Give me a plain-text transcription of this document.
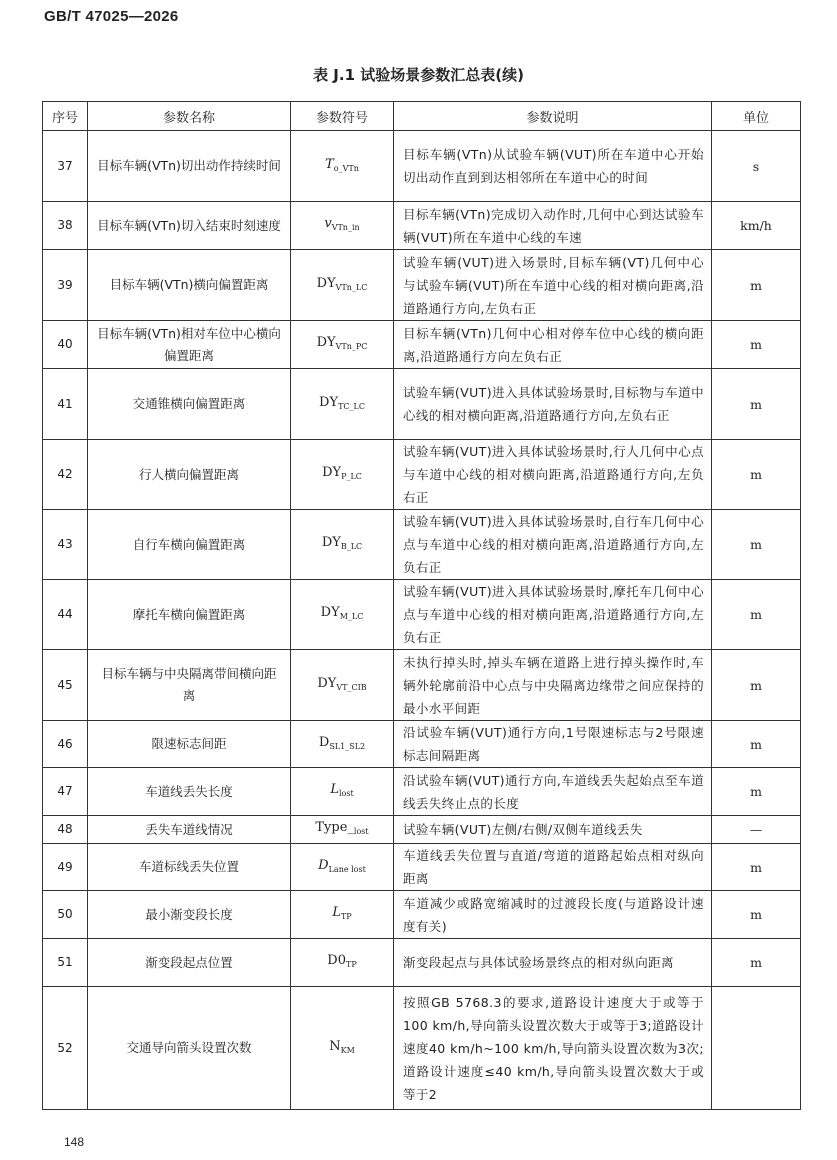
GB/T 47025—2026
表 J.1 试验场景参数汇总表(续)
序号	参数名称	参数符号	参数说明	单位
37	目标车辆(VTn)切出动作持续时间	$T_{o\_VTn}$	目标车辆(VTn)从试验车辆(VUT)所在车道中心开始切出动作直到到达相邻所在车道中心的时间	s
38	目标车辆(VTn)切入结束时刻速度	$v_{VTn\_in}$	目标车辆(VTn)完成切入动作时,几何中心到达试验车辆(VUT)所在车道中心线的车速	km/h
39	目标车辆(VTn)横向偏置距离	$DY_{VTn\_LC}$	试验车辆(VUT)进入场景时,目标车辆(VT)几何中心与试验车辆(VUT)所在车道中心线的相对横向距离,沿道路通行方向,左负右正	m
40	目标车辆(VTn)相对车位中心横向偏置距离	$DY_{VTn\_PC}$	目标车辆(VTn)几何中心相对停车位中心线的横向距离,沿道路通行方向左负右正	m
41	交通锥横向偏置距离	$DY_{TC\_LC}$	试验车辆(VUT)进入具体试验场景时,目标物与车道中心线的相对横向距离,沿道路通行方向,左负右正	m
42	行人横向偏置距离	$DY_{P\_LC}$	试验车辆(VUT)进入具体试验场景时,行人几何中心点与车道中心线的相对横向距离,沿道路通行方向,左负右正	m
43	自行车横向偏置距离	$DY_{B\_LC}$	试验车辆(VUT)进入具体试验场景时,自行车几何中心点与车道中心线的相对横向距离,沿道路通行方向,左负右正	m
44	摩托车横向偏置距离	$DY_{M\_LC}$	试验车辆(VUT)进入具体试验场景时,摩托车几何中心点与车道中心线的相对横向距离,沿道路通行方向,左负右正	m
45	目标车辆与中央隔离带间横向距离	$DY_{VT\_CIB}$	未执行掉头时,掉头车辆在道路上进行掉头操作时,车辆外轮廓前沿中心点与中央隔离边缘带之间应保持的最小水平间距	m
46	限速标志间距	$D_{SL1\_SL2}$	沿试验车辆(VUT)通行方向,1号限速标志与2号限速标志间隔距离	m
47	车道线丢失长度	$L_{lost}$	沿试验车辆(VUT)通行方向,车道线丢失起始点至车道线丢失终止点的长度	m
48	丢失车道线情况	$Type\__{lost}$	试验车辆(VUT)左侧/右侧/双侧车道线丢失	—
49	车道标线丢失位置	$D_{Lane lost}$	车道线丢失位置与直道/弯道的道路起始点相对纵向距离	m
50	最小渐变段长度	$L_{TP}$	车道减少或路宽缩减时的过渡段长度(与道路设计速度有关)	m
51	渐变段起点位置	$D0_{TP}$	渐变段起点与具体试验场景终点的相对纵向距离	m
52	交通导向箭头设置次数	$N_{KM}$	按照GB 5768.3的要求,道路设计速度大于或等于100 km/h,导向箭头设置次数大于或等于3;道路设计速度40 km/h~100 km/h,导向箭头设置次数为3次;道路设计速度≤40 km/h,导向箭头设置次数大于或等于2	
148
